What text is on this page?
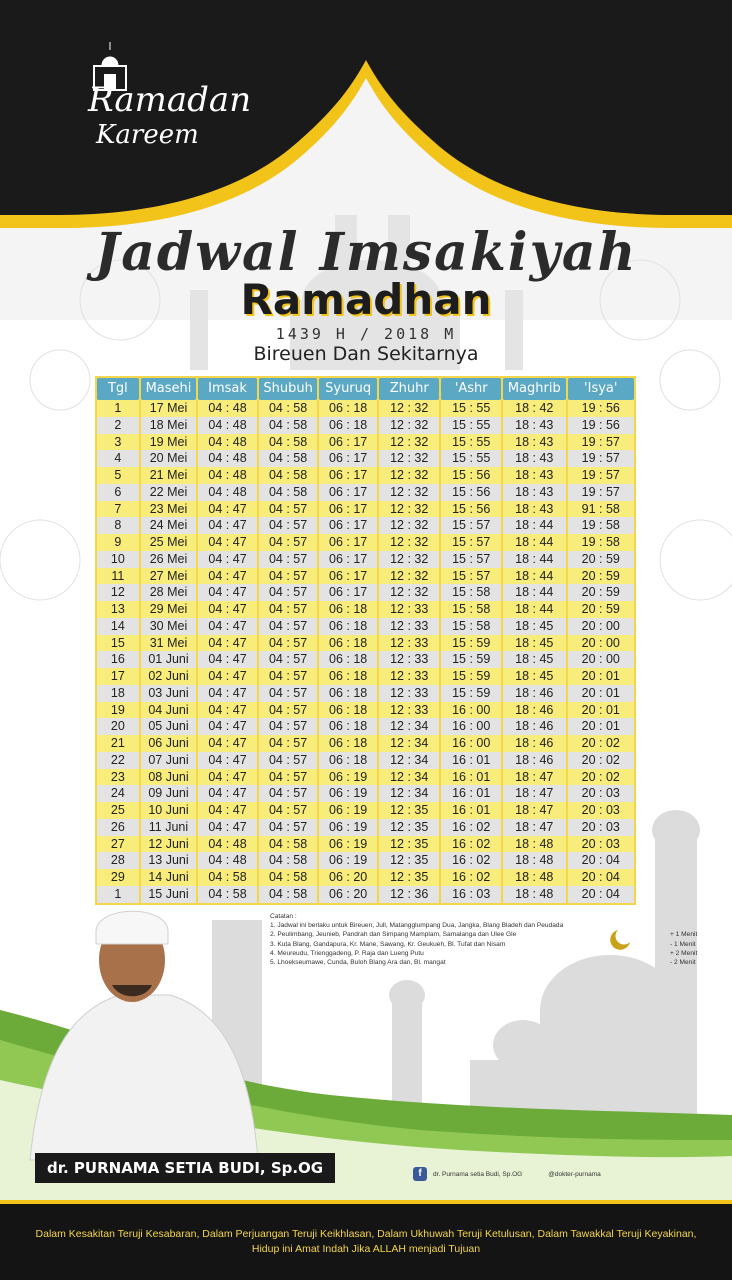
Ramadan
Kareem
Jadwal Imsakiyah
Ramadhan
1439 H / 2018 M
Bireuen Dan Sekitarnya
Tgl	Masehi	Imsak	Shubuh Syuruq	Zhuhr	'Ashr	Maghrib	'Isya'
1	17 Mei	04 : 48	04 : 58	06 : 18	12 : 32	15 : 55	18 : 42	19 : 56
2	18 Mei	04 : 48	04 : 58	06 : 18	12 : 32	15 : 55	18 : 43	19 : 56
3	19 Mei	04 : 48	04 : 58	06 : 17	12 : 32	15 : 55	18 : 43	19 : 57
4	20 Mei	04 : 48	04 : 58	06 : 17	12 : 32	15 : 55	18 : 43	19 : 57
5	21 Mei	04 : 48	04 : 58	06 : 17	12 : 32	15 : 56	18 : 43	19 : 57
6	22 Mei	04 : 48	04 : 58	06 : 17	12 : 32	15 : 56	18 : 43	19 : 57
7	23 Mei	04 : 47	04 : 57	06 : 17	12 : 32	15 : 56	18 : 43	91 : 58
8	24 Mei	04 : 47	04 : 57	06 : 17	12 : 32	15 : 57	18 : 44	19 : 58
9	25 Mei	04 : 47	04 : 57	06 : 17	12 : 32	15 : 57	18 : 44	19 : 58
10	26 Mei	04 : 47	04 : 57	06 : 17	12 : 32	15 : 57	18 : 44	20 : 59
11	27 Mei	04 : 47	04 : 57	06 : 17	12 : 32	15 : 57	18 : 44	20 : 59
12	28 Mei	04 : 47	04 : 57	06 : 17	12 : 32	15 : 58	18 : 44	20 : 59
13	29 Mei	04 : 47	04 : 57	06 : 18	12 : 33	15 : 58	18 : 44	20 : 59
14	30 Mei	04 : 47	04 : 57	06 : 18	12 : 33	15 : 58	18 : 45	20 : 00
15	31 Mei	04 : 47	04 : 57	06 : 18	12 : 33	15 : 59	18 : 45	20 : 00
16	01 Juni	04 : 47	04 : 57	06 : 18	12 : 33	15 : 59	18 : 45	20 : 00
17	02 Juni	04 : 47	04 : 57	06 : 18	12 : 33	15 : 59	18 : 45	20 : 01
18	03 Juni	04 : 47	04 : 57	06 : 18	12 : 33	15 : 59	18 : 46	20 : 01
19	04 Juni	04 : 47	04 : 57	06 : 18	12 : 33	16 : 00	18 : 46	20 : 01
20	05 Juni	04 : 47	04 : 57	06 : 18	12 : 34	16 : 00	18 : 46	20 : 01
21	06 Juni	04 : 47	04 : 57	06 : 18	12 : 34	16 : 00	18 : 46	20 : 02
22	07 Juni	04 : 47	04 : 57	06 : 18	12 : 34	16 : 01	18 : 46	20 : 02
23	08 Juni	04 : 47	04 : 57	06 : 19	12 : 34	16 : 01	18 : 47	20 : 02
24	09 Juni	04 : 47	04 : 57	06 : 19	12 : 34	16 : 01	18 : 47	20 : 03
25	10 Juni	04 : 47	04 : 57	06 : 19	12 : 35	16 : 01	18 : 47	20 : 03
26	11 Juni	04 : 47	04 : 57	06 : 19	12 : 35	16 : 02	18 : 47	20 : 03
27	12 Juni	04 : 48	04 : 58	06 : 19	12 : 35	16 : 02	18 : 48	20 : 03
28	13 Juni	04 : 48	04 : 58	06 : 19	12 : 35	16 : 02	18 : 48	20 : 04
29	14 Juni	04 : 58	04 : 58	06 : 20	12 : 35	16 : 02	18 : 48	20 : 04
1	15 Juni	04 : 58	04 : 58	06 : 20	12 : 36	16 : 03	18 : 48	20 : 04
Catatan :
1. Jadwal ini berlaku untuk Bireuen, Jull, Matangglumpang Dua, Jangka, Blang Bladeh dan Peudada
2. Peulimbang, Jeunieb, Pandrah dan Simpang Mamplam, Samalanga dan Ulee Gle	+ 1 Menit
3. Kuta Blang, Gandapura, Kr. Mane, Sawang, Kr. Geukueh, Bl. Tufat dan Nisam	- 1 Menit
4. Meureudu, Trienggadeng, P. Raja dan Lueng Putu	+ 2 Menit
5. Lhoekseumawe, Cunda, Buloh Blang Ara dan, Bl. mangat	- 2 Menit
dr. PURNAMA SETIA BUDI, Sp.OG	f	dr. Purnama setia Budi, Sp.OG	@dokter-purnama
Dalam Kesakitan Teruji Kesabaran, Dalam Perjuangan Teruji Keikhlasan, Dalam Ukhuwah Teruji Ketulusan, Dalam Tawakkal Teruji Keyakinan,
Hidup ini Amat Indah Jika ALLAH menjadi Tujuan
